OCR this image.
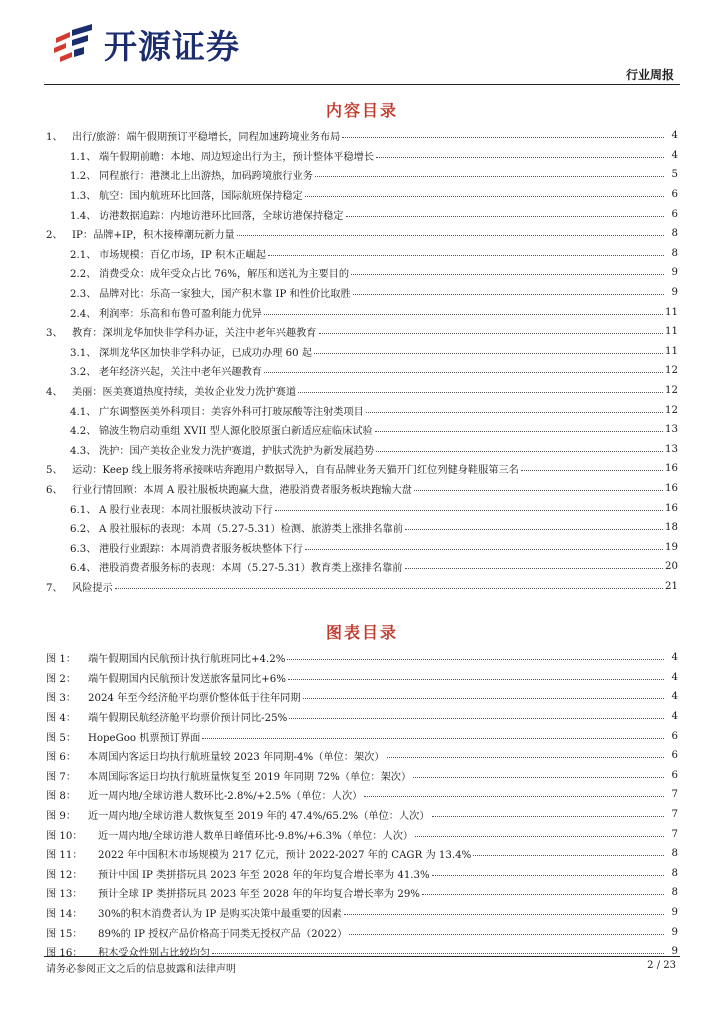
开源证券
行业周报
内容目录
1、 出行/旅游：端午假期预订平稳增长，同程加速跨境业务布局	4
1.1、 端午假期前瞻：本地、周边短途出行为主，预计整体平稳增长	4
1.2、 同程旅行：港澳北上出游热，加码跨境旅行业务	5
1.3、 航空：国内航班环比回落，国际航班保持稳定	6
1.4、 访港数据追踪：内地访港环比回落，全球访港保持稳定	6
2、 IP：品牌+IP，积木接棒潮玩新力量	8
2.1、 市场规模：百亿市场，IP 积木正崛起	8
2.2、 消费受众：成年受众占比 76%，解压和送礼为主要目的	9
2.3、 品牌对比：乐高一家独大，国产积木靠 IP 和性价比取胜	9
2.4、 利润率：乐高和布鲁可盈利能力优异	11
3、 教育：深圳龙华加快非学科办证，关注中老年兴趣教育	11
3.1、 深圳龙华区加快非学科办证，已成功办理 60 起	11
3.2、 老年经济兴起，关注中老年兴趣教育	12
4、 美丽：医美赛道热度持续，美妆企业发力洗护赛道	12
4.1、 广东调整医美外科项目：美容外科可打玻尿酸等注射类项目	12
4.2、 锦波生物启动重组 XVII 型人源化胶原蛋白新适应症临床试验	13
4.3、 洗护：国产美妆企业发力洗护赛道，护肤式洗护为新发展趋势	13
5、 运动：Keep 线上服务将承接咪咕奔跑用户数据导入，自有品牌业务天猫开门红位列健身鞋服第三名	16
6、 行业行情回顾：本周 A 股社服板块跑赢大盘，港股消费者服务板块跑输大盘	16
6.1、 A 股行业表现：本周社服板块波动下行	16
6.2、 A 股社服标的表现：本周（5.27-5.31）检测、旅游类上涨排名靠前	18
6.3、 港股行业跟踪：本周消费者服务板块整体下行	19
6.4、 港股消费者服务标的表现：本周（5.27-5.31）教育类上涨排名靠前	20
7、 风险提示	21
图表目录
图 1：	端午假期国内民航预计执行航班同比+4.2%	4
图 2：	端午假期国内民航预计发送旅客量同比+6%	4
图 3：	2024 年至今经济舱平均票价整体低于往年同期	4
图 4：	端午假期民航经济舱平均票价预计同比-25%	4
图 5：	HopeGoo 机票预订界面	6
图 6：	本周国内客运日均执行航班量较 2023 年同期-4%（单位：架次）	6
图 7：	本周国际客运日均执行航班量恢复至 2019 年同期 72%（单位：架次）	6
图 8：	近一周内地/全球访港人数环比-2.8%/+2.5%（单位：人次）	7
图 9：	近一周内地/全球访港人数恢复至 2019 年的 47.4%/65.2%（单位：人次）	7
图 10：	近一周内地/全球访港人数单日峰值环比-9.8%/+6.3%（单位：人次）	7
图 11：	2022 年中国积木市场规模为 217 亿元，预计 2022-2027 年的 CAGR 为 13.4%	8
图 12：	预计中国 IP 类拼搭玩具 2023 年至 2028 年的年均复合增长率为 41.3%	8
图 13：	预计全球 IP 类拼搭玩具 2023 年至 2028 年的年均复合增长率为 29%	8
图 14：	30%的积木消费者认为 IP 是购买决策中最重要的因素	9
图 15：	89%的 IP 授权产品价格高于同类无授权产品（2022）	9
图 16：	积木受众性别占比较均匀	9
请务必参阅正文之后的信息披露和法律声明	2 / 23
